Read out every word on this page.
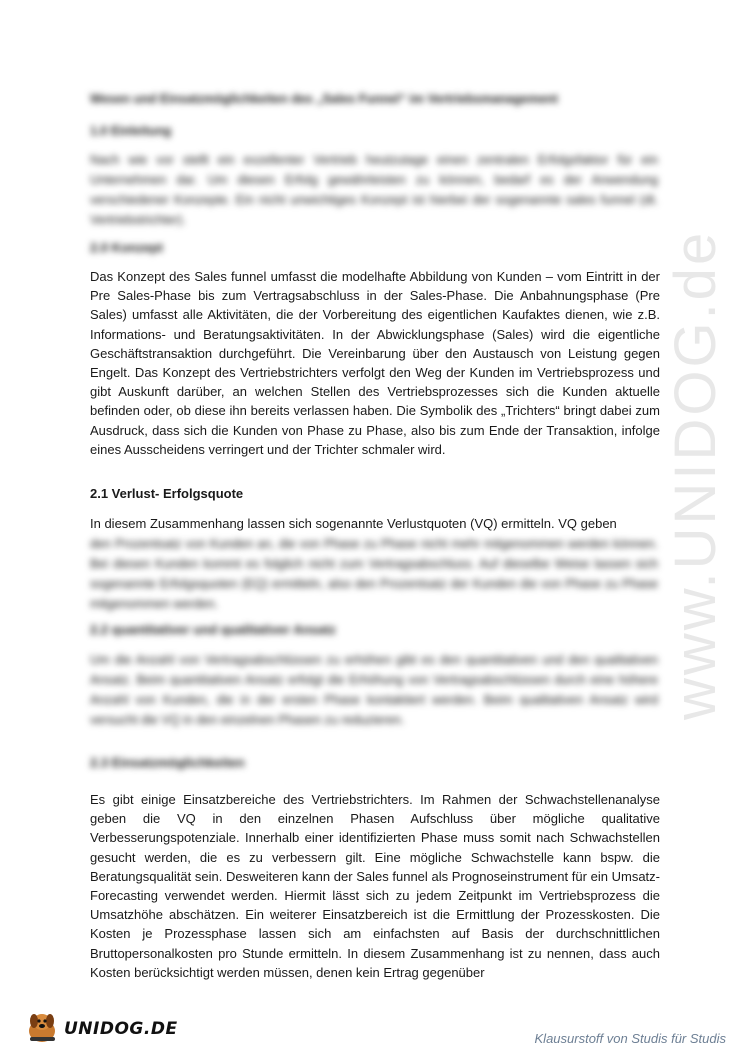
www.UNIDOG.de
Wesen und Einsatzmöglichkeiten des „Sales Funnel“ im Vertriebsmanagement
1.0 Einleitung

Nach wie vor stellt ein exzellenter Vertrieb heutzutage einen zentralen Erfolgsfaktor für ein Unternehmen dar. Um diesen Erfolg gewährleisten zu können, bedarf es der Anwendung verschiedener Konzepte. Ein nicht unwichtiges Konzept ist hierbei der sogenannte sales funnel (dt. Vertriebstrichter).

2.0 Konzept

Das Konzept des Sales funnel umfasst die modelhafte Abbildung von Kunden – vom Eintritt in der Pre Sales-Phase bis zum Vertragsabschluss in der Sales-Phase. Die Anbahnungsphase (Pre Sales) umfasst alle Aktivitäten, die der Vorbereitung des eigentlichen Kaufaktes dienen, wie z.B. Informations- und Beratungsaktivitäten. In der Abwicklungsphase (Sales) wird die eigentliche Geschäftstransaktion durchgeführt. Die Vereinbarung über den Austausch von Leistung gegen Engelt. Das Konzept des Vertriebstrichters verfolgt den Weg der Kunden im Vertriebsprozess und gibt Auskunft darüber, an welchen Stellen des Vertriebsprozesses sich die Kunden aktuelle befinden oder, ob diese ihn bereits verlassen haben. Die Symbolik des „Trichters“ bringt dabei zum Ausdruck, dass sich die Kunden von Phase zu Phase, also bis zum Ende der Transaktion, infolge eines Ausscheidens verringert und der Trichter schmaler wird.

2.1 Verlust- Erfolgsquote

In diesem Zusammenhang lassen sich sogenannte Verlustquoten (VQ) ermitteln. VQ geben

den Prozentsatz von Kunden an, die von Phase zu Phase nicht mehr mitgenommen werden können. Bei diesen Kunden kommt es folglich nicht zum Vertragsabschluss. Auf dieselbe Weise lassen sich sogenannte Erfolgsquoten (EQ) ermitteln, also den Prozentsatz der Kunden die von Phase zu Phase mitgenommen werden.

2.2 quantitativer und qualitativer Ansatz

Um die Anzahl von Vertragsabschlüssen zu erhöhen gibt es den quantitativen und den qualitativen Ansatz. Beim quantitativen Ansatz erfolgt die Erhöhung von Vertragsabschlüssen durch eine höhere Anzahl von Kunden, die in der ersten Phase kontaktiert werden. Beim qualitativen Ansatz wird versucht die VQ in den einzelnen Phasen zu reduzieren.

2.3 Einsatzmöglichkeiten

Es gibt einige Einsatzbereiche des Vertriebstrichters. Im Rahmen der Schwachstellenanalyse geben die VQ in den einzelnen Phasen Aufschluss über mögliche qualitative Verbesserungspotenziale. Innerhalb einer identifizierten Phase muss somit nach Schwachstellen gesucht werden, die es zu verbessern gilt. Eine mögliche Schwachstelle kann bspw. die Beratungsqualität sein. Desweiteren kann der Sales funnel als Prognoseinstrument für ein Umsatz-Forecasting verwendet werden. Hiermit lässt sich zu jedem Zeitpunkt im Vertriebsprozess die Umsatzhöhe abschätzen. Ein weiterer Einsatzbereich ist die Ermittlung der Prozesskosten. Die Kosten je Prozessphase lassen sich am einfachsten auf Basis der durchschnittlichen Bruttopersonalkosten pro Stunde ermitteln. In diesem Zusammenhang ist zu nennen, dass auch Kosten berücksichtigt werden müssen, denen kein Ertrag gegenüber

UNIDOG.DE	Klausurstoff von Studis für Studis
